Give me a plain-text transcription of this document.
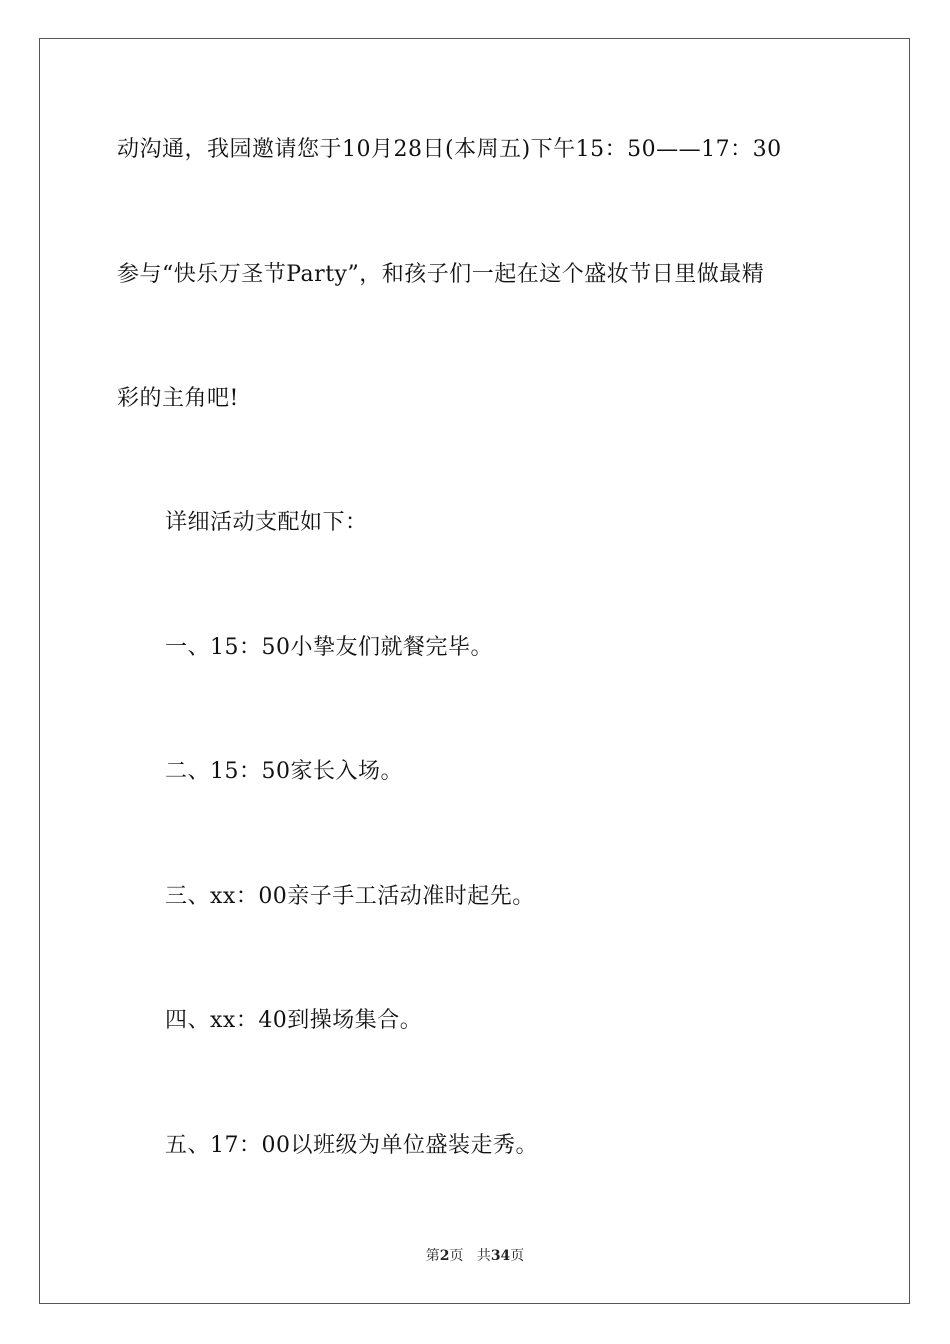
动沟通，我园邀请您于10月28日(本周五)下午15：50——17：30
参与“快乐万圣节Party”，和孩子们一起在这个盛妆节日里做最精
彩的主角吧!
详细活动支配如下：
一、15：50小挚友们就餐完毕。
二、15：50家长入场。
三、xx：00亲子手工活动准时起先。
四、xx：40到操场集合。
五、17：00以班级为单位盛装走秀。
第2页 共34页
